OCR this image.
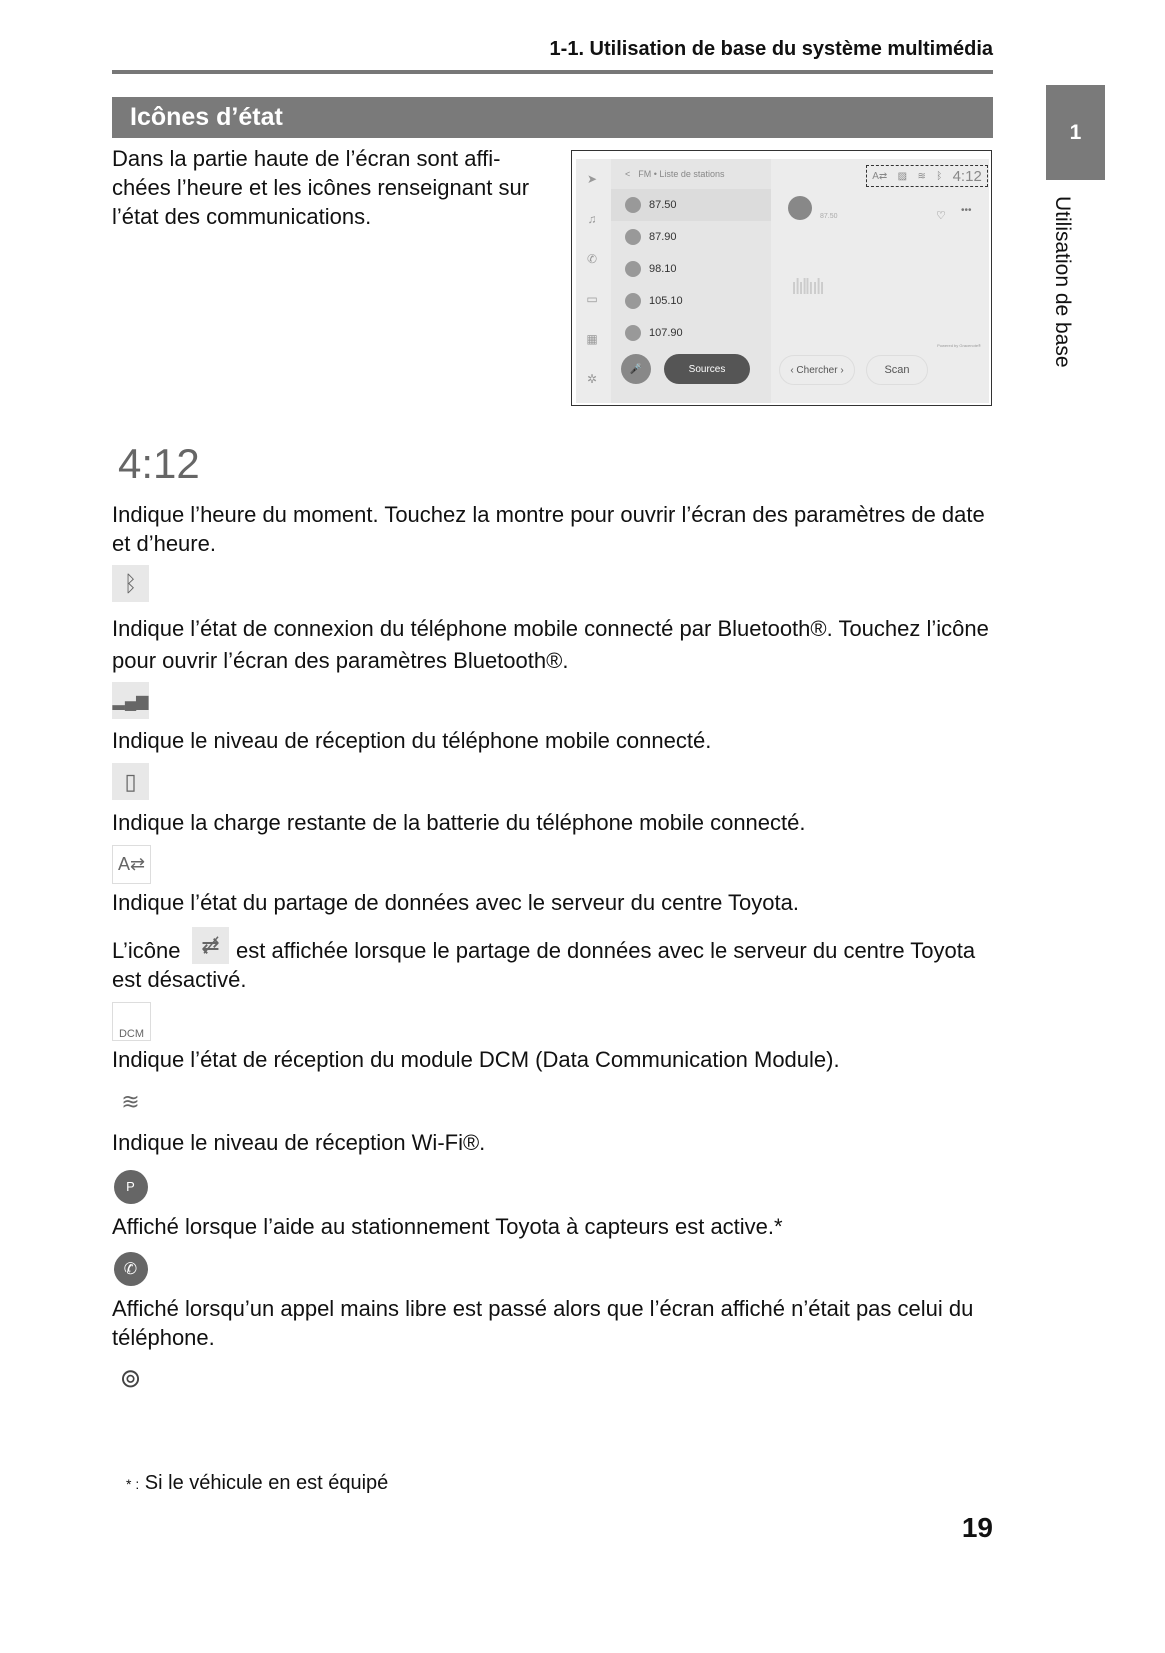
1-1. Utilisation de base du système multimédia
Icônes d’état
1
Utilisation de base
Dans la partie haute de l’écran sont affi-chées l’heure et les icônes renseignant sur l’état des communications.
➤
♫
✆
▭
▦
✲
< FM • Liste de stations
87.50
87.90
98.10
105.10
107.90
🎤	Sources
A⇄ ▨ ≋ ᛒ 4:12
87.50	♡ •••
ılıllıılı
Powered by Gracenote®
‹ Chercher ›	Scan
4:12
Indique l’heure du moment. Touchez la montre pour ouvrir l’écran des paramètres de date et d’heure.
ᛒ
Indique l’état de connexion du téléphone mobile connecté par Bluetooth®. Touchez l’icône pour ouvrir l’écran des paramètres Bluetooth®.
▂▄▆
Indique le niveau de réception du téléphone mobile connecté.
▯
Indique la charge restante de la batterie du téléphone mobile connecté.
A⇄
Indique l’état du partage de données avec le serveur du centre Toyota.
L’icône ⇄̸ est affichée lorsque le partage de données avec le serveur du centre Toyota est désactivé.
DCM
Indique l’état de réception du module DCM (Data Communication Module).
≋
Indique le niveau de réception Wi-Fi®.
P
Affiché lorsque l’aide au stationnement Toyota à capteurs est active.*
✆
Affiché lorsqu’un appel mains libre est passé alors que l’écran affiché n’était pas celui du téléphone.
⊚
* : Si le véhicule en est équipé
19
